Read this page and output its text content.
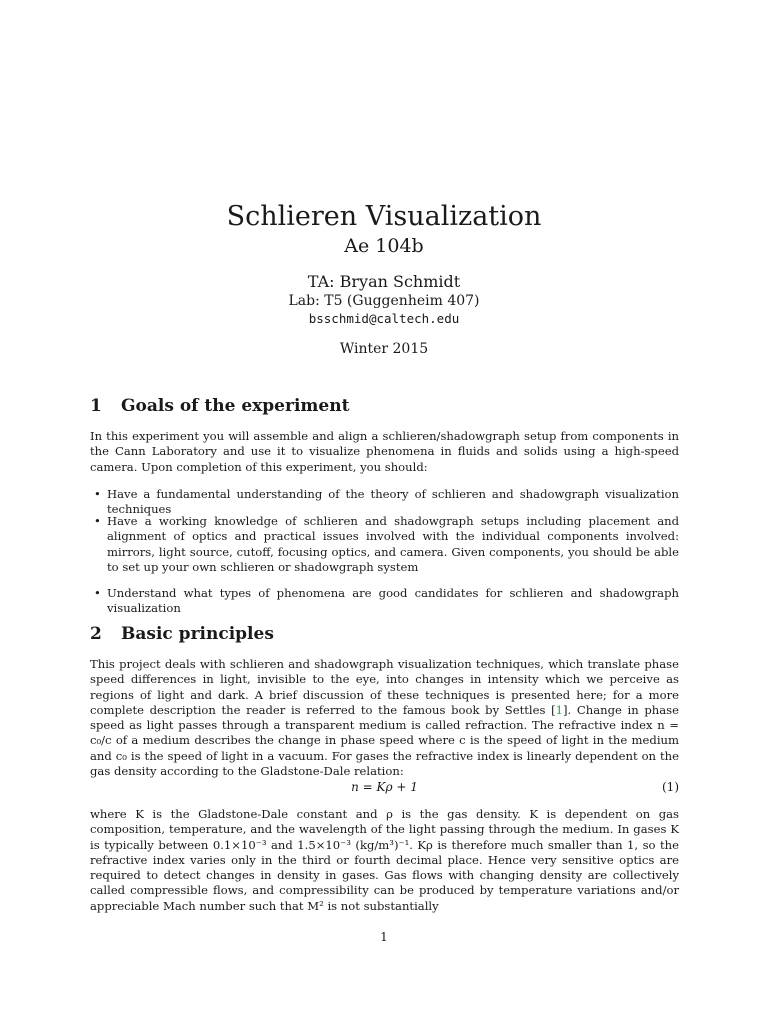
Schlieren Visualization
Ae 104b
TA: Bryan Schmidt
Lab: T5 (Guggenheim 407)
bsschmid@caltech.edu
Winter 2015
1 Goals of the experiment
In this experiment you will assemble and align a schlieren/shadowgraph setup from components in the Cann Laboratory and use it to visualize phenomena in fluids and solids using a high-speed camera. Upon completion of this experiment, you should:
• Have a fundamental understanding of the theory of schlieren and shadowgraph visualization techniques
• Have a working knowledge of schlieren and shadowgraph setups including placement and alignment of optics and practical issues involved with the individual components involved: mirrors, light source, cutoff, focusing optics, and camera. Given components, you should be able to set up your own schlieren or shadowgraph system
• Understand what types of phenomena are good candidates for schlieren and shadowgraph visualization
2 Basic principles
This project deals with schlieren and shadowgraph visualization techniques, which translate phase speed differences in light, invisible to the eye, into changes in intensity which we perceive as regions of light and dark. A brief discussion of these techniques is presented here; for a more complete description the reader is referred to the famous book by Settles [1]. Change in phase speed as light passes through a transparent medium is called refraction. The refractive index n = c₀/c of a medium describes the change in phase speed where c is the speed of light in the medium and c₀ is the speed of light in a vacuum. For gases the refractive index is linearly dependent on the gas density according to the Gladstone-Dale relation:
n = Kρ + 1	(1)
where K is the Gladstone-Dale constant and ρ is the gas density. K is dependent on gas composition, temperature, and the wavelength of the light passing through the medium. In gases K is typically between 0.1×10⁻³ and 1.5×10⁻³ (kg/m³)⁻¹. Kρ is therefore much smaller than 1, so the refractive index varies only in the third or fourth decimal place. Hence very sensitive optics are required to detect changes in density in gases. Gas flows with changing density are collectively called compressible flows, and compressibility can be produced by temperature variations and/or appreciable Mach number such that M² is not substantially
1
